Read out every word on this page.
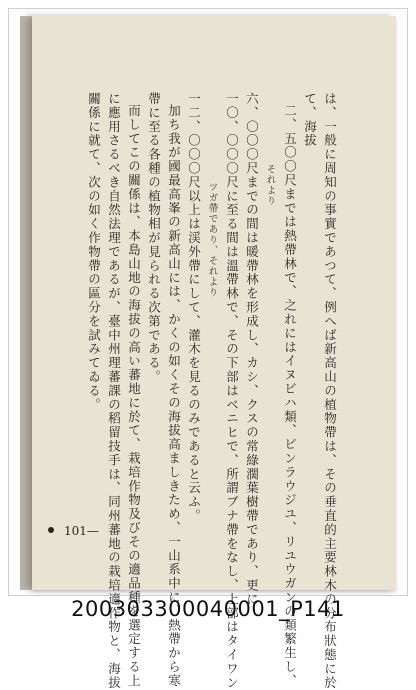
は、一般に周知の事實であつて、例へば新高山の植物帶は、その垂直的主要林木の分布狀態に於
て、海拔
二、五〇〇尺までは熱帶林で、之れにはイヌビハ類、ビンラウジユ、リユウガンの類繁生し、
それより
六、〇〇〇尺までの間は暖帶林を形成し、カシ、クスの常綠濶葉樹帶であり、更に
一〇、〇〇〇尺に至る間は溫帶林で、その下部はベニヒで、所謂ブナ帶をなし、上部はタイワン
ツガ帶であり、それより
一二、〇〇〇尺以上は渓外帶にして、灌木を見るのみであると云ふ。
加ち我が國最高峯の新高山には、かくの如くその海拔高ましきため、一山系中に、熱帶から寒
帶に至る各種の植物相が見られる次第である。
而してこの關係は、本島山地の海拔の高い蕃地に於て、栽培作物及びその適品種を選定する上
に應用さるべき自然法理であるが、臺中州理蕃課の稻留技手は、同州蕃地の栽培適作物と、海拔
關係に就て、次の如く作物帶の區分を試みてゐる。
101—
200303300040001_P141
